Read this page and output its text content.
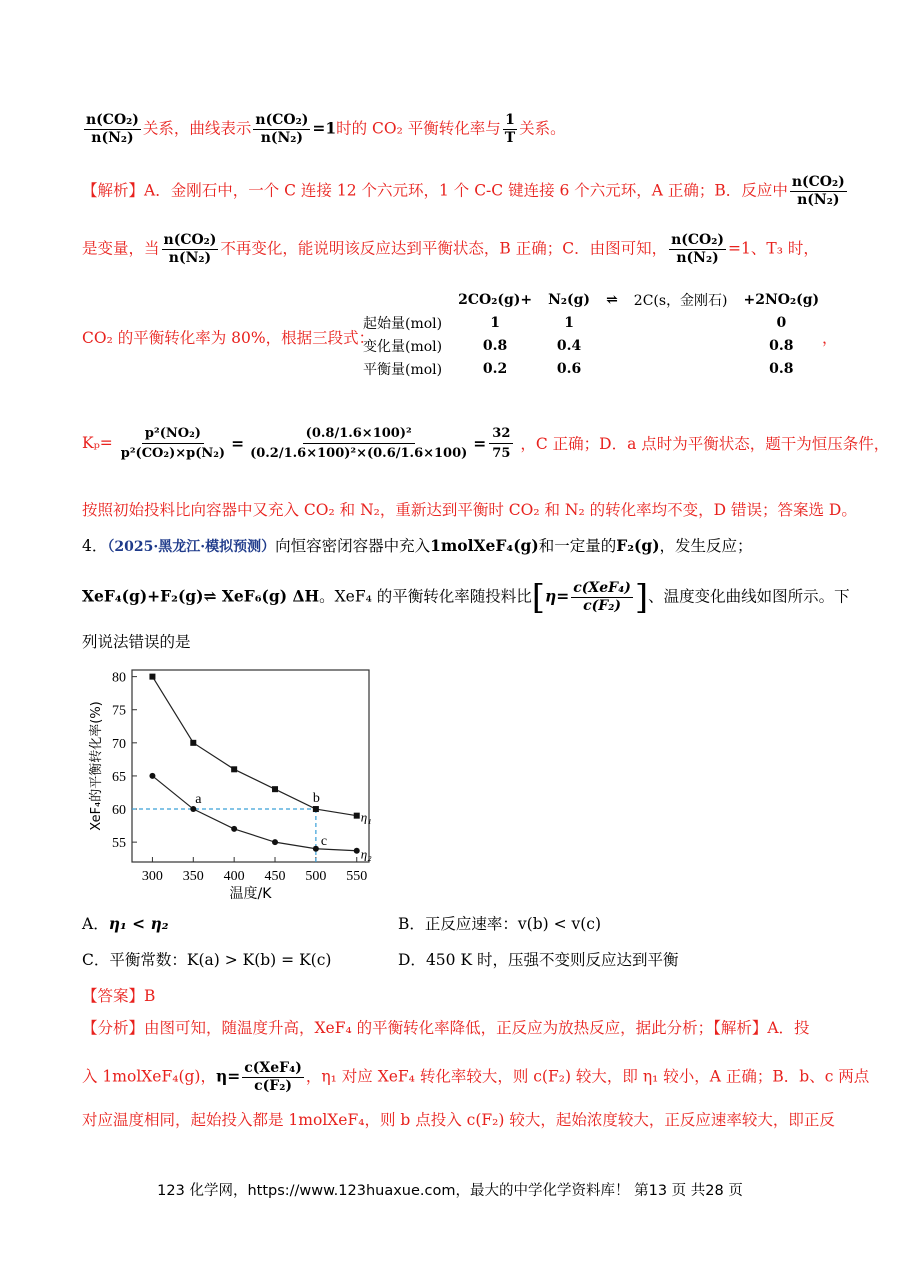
$\frac{\text{n(CO₂)}}{\text{n(N₂)}}$ 关系，曲线表示 $\frac{\text{n(CO₂)}}{\text{n(N₂)}} =1$时的 CO₂ 平衡转化率与 $\frac{1}{T}$ 关系。
【解析】A．金刚石中，一个 C 连接 12 个六元环，1 个 C-C 键连接 6 个六元环，A 正确；B．反应中 $\frac{\text{n(CO₂)}}{\text{n(N₂)}}$
是变量，当 $\frac{\text{n(CO₂)}}{\text{n(N₂)}}$ 不再变化，能说明该反应达到平衡状态，B 正确；C．由图可知， $\frac{\text{n(CO₂)}}{\text{n(N₂)}} =1$、T₃ 时，
CO₂ 的平衡转化率为 80%，根据三段式：	，
	2CO₂(g)+	N₂(g)	⇌	2C(s，金刚石)	+2NO₂(g)
起始量(mol)	1	1			0
变化量(mol)	0.8	0.4			0.8
平衡量(mol)	0.2	0.6			0.8
$K_p= \frac{\text{p²(NO₂)}}{\text{p²(CO₂)×p(N₂)}} = \frac{\text{(0.8/1.6×100)²}}{\text{(0.2/1.6×100)²×(0.6/1.6×100)}} = \frac{32}{75}$ ，C 正确；D．a 点时为平衡状态，题干为恒压条件，
按照初始投料比向容器中又充入 CO₂ 和 N₂，重新达到平衡时 CO₂ 和 N₂ 的转化率均不变，D 错误；答案选 D。
4．（2025·黑龙江·模拟预测）向恒容密闭容器中充入1molXeF₄(g)和一定量的F₂(g)，发生反应；
XeF₄(g)+F₂(g)⇌ XeF₆(g) ΔH。XeF₄ 的平衡转化率随投料比[$\eta= \frac{\text{c(XeF₄)}}{\text{c(F₂)}}$ ]、温度变化曲线如图所示。下
列说法错误的是
55
60
65
70
75
80
300 350 400 450 500 550
温度/K
XeF₄的平衡转化率(%)	η₁
η₂
a	b
c
A．η₁ < η₂	B．正反应速率：v(b) < v(c)
C．平衡常数：K(a) > K(b) = K(c)	D．450 K 时，压强不变则反应达到平衡
【答案】B
【分析】由图可知，随温度升高，XeF₄ 的平衡转化率降低，正反应为放热反应，据此分析；【解析】A．投
入 1molXeF₄(g)，$\eta= \frac{\text{c(XeF₄)}}{\text{c(F₂)}}$ ，η₁ 对应 XeF₄ 转化率较大，则 c(F₂) 较大，即 η₁ 较小，A 正确；B．b、c 两点
对应温度相同，起始投入都是 1molXeF₄，则 b 点投入 c(F₂) 较大，起始浓度较大，正反应速率较大，即正反
123 化学网，https://www.123huaxue.com，最大的中学化学资料库！ 第13 页 共28 页
